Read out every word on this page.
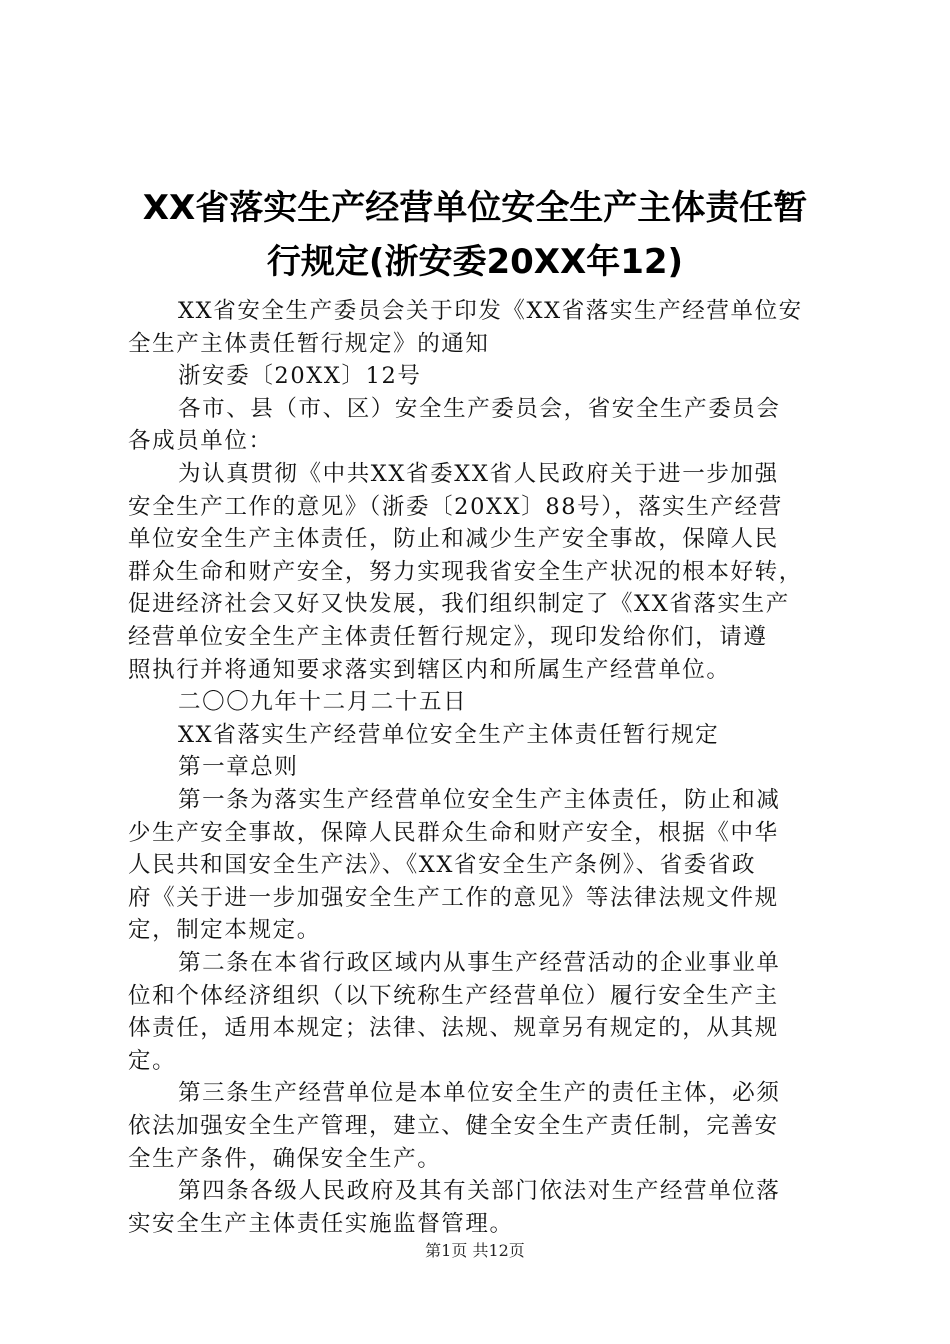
XX省落实生产经营单位安全生产主体责任暂
行规定(浙安委20XX年12)
XX省安全生产委员会关于印发《XX省落实生产经营单位安
全生产主体责任暂行规定》的通知
浙安委〔20XX〕12号
各市、县（市、区）安全生产委员会，省安全生产委员会
各成员单位：
为认真贯彻《中共XX省委XX省人民政府关于进一步加强
安全生产工作的意见》（浙委〔20XX〕88号），落实生产经营
单位安全生产主体责任，防止和减少生产安全事故，保障人民
群众生命和财产安全，努力实现我省安全生产状况的根本好转，
促进经济社会又好又快发展，我们组织制定了《XX省落实生产
经营单位安全生产主体责任暂行规定》，现印发给你们，请遵
照执行并将通知要求落实到辖区内和所属生产经营单位。
二〇〇九年十二月二十五日
XX省落实生产经营单位安全生产主体责任暂行规定
第一章总则
第一条为落实生产经营单位安全生产主体责任，防止和减
少生产安全事故，保障人民群众生命和财产安全，根据《中华
人民共和国安全生产法》、《XX省安全生产条例》、省委省政
府《关于进一步加强安全生产工作的意见》等法律法规文件规
定，制定本规定。
第二条在本省行政区域内从事生产经营活动的企业事业单
位和个体经济组织（以下统称生产经营单位）履行安全生产主
体责任，适用本规定；法律、法规、规章另有规定的，从其规
定。
第三条生产经营单位是本单位安全生产的责任主体，必须
依法加强安全生产管理，建立、健全安全生产责任制，完善安
全生产条件，确保安全生产。
第四条各级人民政府及其有关部门依法对生产经营单位落
实安全生产主体责任实施监督管理。
第1页 共12页
